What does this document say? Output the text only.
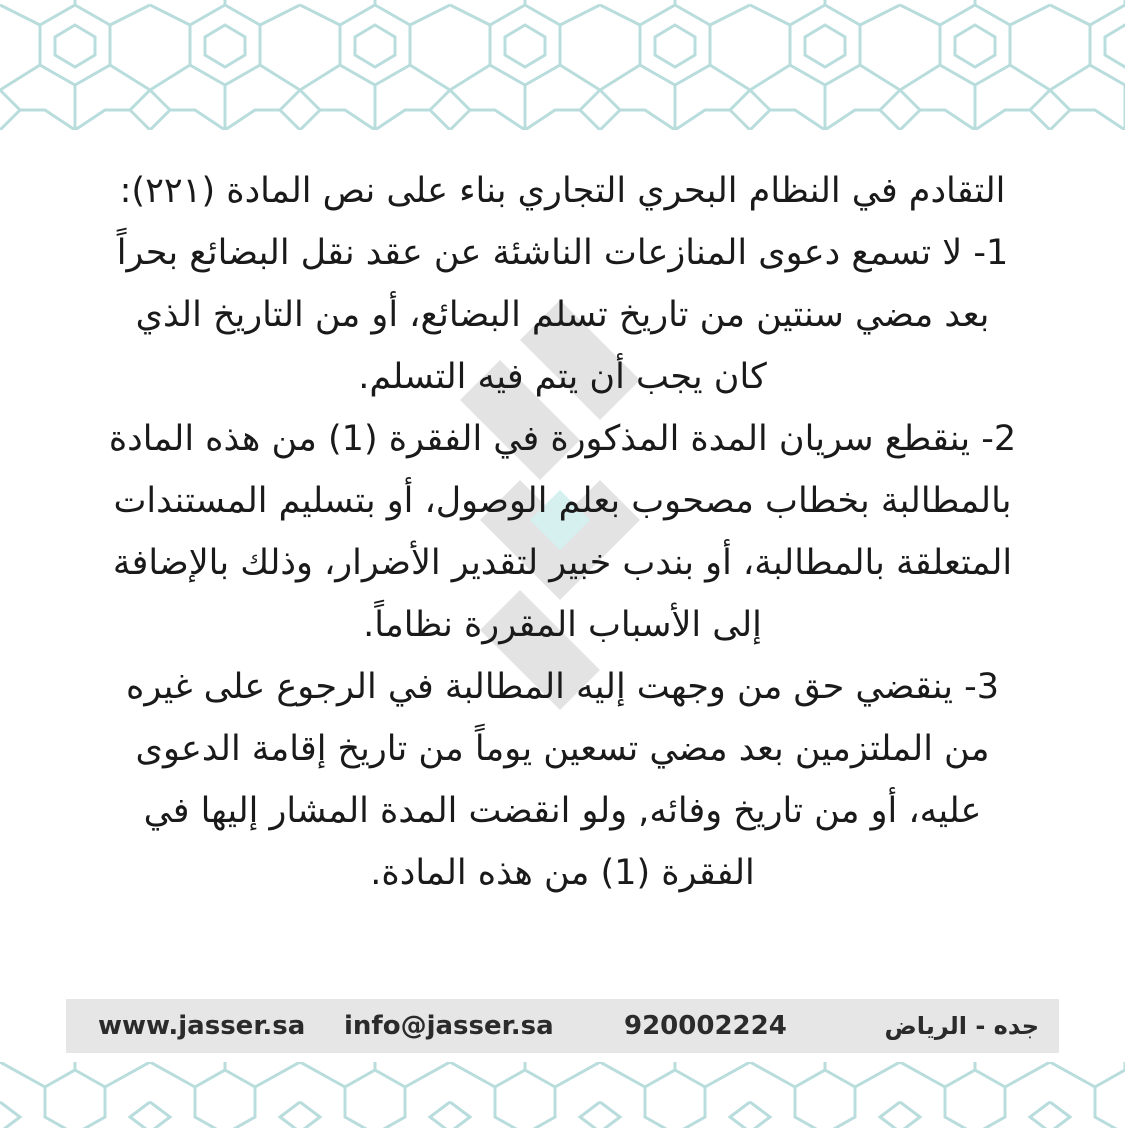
التقادم في النظام البحري التجاري بناء على نص المادة (٢٢١):

1- لا تسمع دعوى المنازعات الناشئة عن عقد نقل البضائع بحراً بعد مضي سنتين من تاريخ تسلم البضائع، أو من التاريخ الذي كان يجب أن يتم فيه التسلم.

2- ينقطع سريان المدة المذكورة في الفقرة (1) من هذه المادة بالمطالبة بخطاب مصحوب بعلم الوصول، أو بتسليم المستندات المتعلقة بالمطالبة، أو بندب خبير لتقدير الأضرار، وذلك بالإضافة إلى الأسباب المقررة نظاماً.

3- ينقضي حق من وجهت إليه المطالبة في الرجوع على غيره من الملتزمين بعد مضي تسعين يوماً من تاريخ إقامة الدعوى عليه، أو من تاريخ وفائه, ولو انقضت المدة المشار إليها في الفقرة (1) من هذه المادة.

www.jasser.sa info@jasser.sa	920002224	جده - الرياض
